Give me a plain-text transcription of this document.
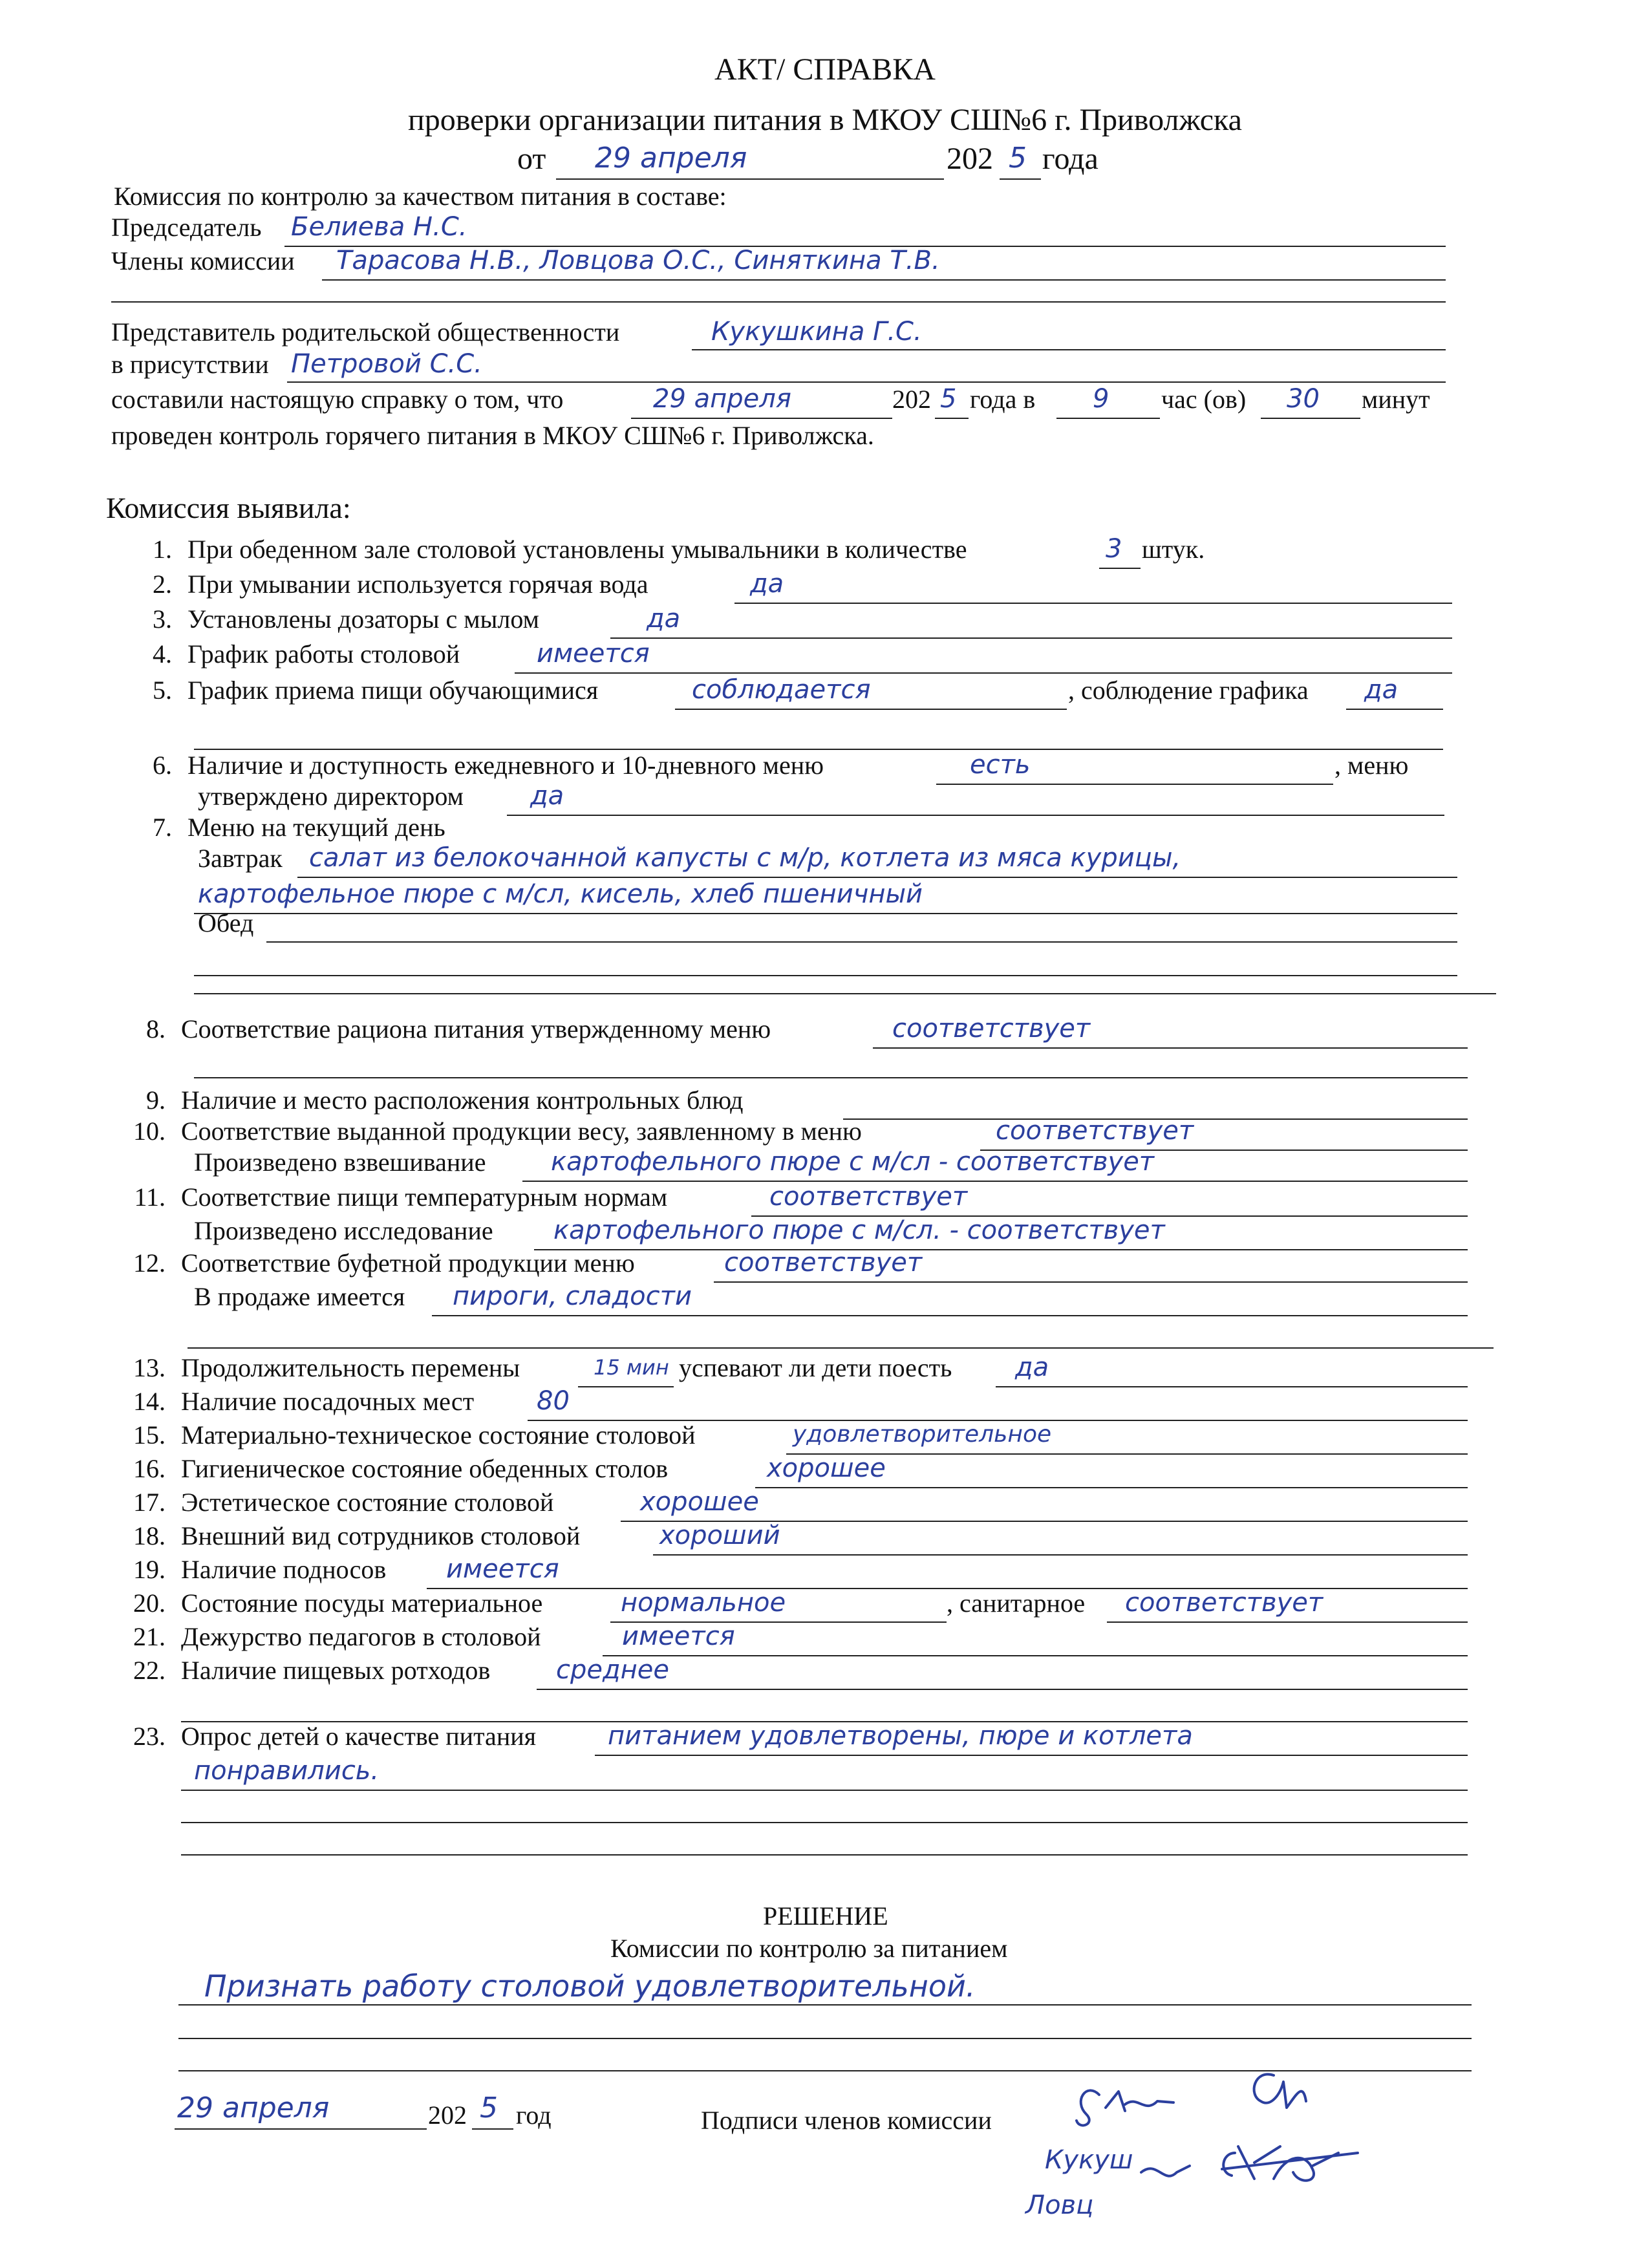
АКТ/ СПРАВКА
проверки организации питания в МКОУ СШ№6 г. Приволжска
от 29 апреля	202 5 года
Комиссия по контролю за качеством питания в составе:
Председатель Белиева Н.С.
Члены комиссии Тарасова Н.В., Ловцова О.С., Синяткина Т.В.
Представитель родительской общественности	Кукушкина Г.С.
в присутствии Петровой С.С.
составили настоящую справку о том, что	29 апреля	202 5 года в 9 час (ов) 30 минут
проведен контроль горячего питания в МКОУ СШ№6 г. Приволжска.
Комиссия выявила:
1. При обеденном зале столовой установлены умывальники в количестве	3 штук.
2. При умывании используется горячая вода	да
3. Установлены дозаторы с мылом	да
4. График работы столовой	имеется
5. График приема пищи обучающимися	соблюдается	, соблюдение графика да
6. Наличие и доступность ежедневного и 10-дневного меню	есть	, меню
утверждено директором	да
7. Меню на текущий день
Завтрак салат из белокочанной капусты с м/р, котлета из мяса курицы,
картофельное пюре с м/сл, кисель, хлеб пшеничный
Обед
8. Соответствие рациона питания утвержденному меню	соответствует
9. Наличие и место расположения контрольных блюд
10. Соответствие выданной продукции весу, заявленному в меню	соответствует
Произведено взвешивание	картофельного пюре с м/сл - соответствует
11. Соответствие пищи температурным нормам	соответствует
Произведено исследование картофельного пюре с м/сл. - соответствует
12. Соответствие буфетной продукции меню	соответствует
В продаже имеется пироги, сладости
13. Продолжительность перемены	15 мин успевают ли дети поесть да
14. Наличие посадочных мест 80
15. Материально-техническое состояние столовой	удовлетворительное
16. Гигиеническое состояние обеденных столов	хорошее
17. Эстетическое состояние столовой	хорошее
18. Внешний вид сотрудников столовой	хороший
19. Наличие подносов имеется
20. Состояние посуды материальное	нормальное	, санитарное соответствует
21. Дежурство педагогов в столовой	имеется
22. Наличие пищевых ротходов	среднее
23. Опрос детей о качестве питания	питанием удовлетворены, пюре и котлета
понравились.
РЕШЕНИЕ
Комиссии по контролю за питанием
Признать работу столовой удовлетворительной.
29 апреля	202 5 год	Подписи членов комиссии
Кукуш
Ловц
